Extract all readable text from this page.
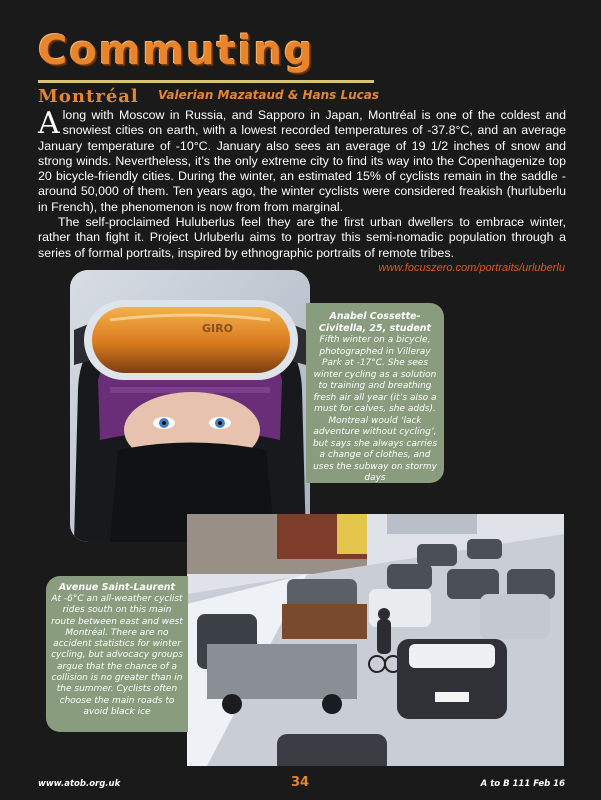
Commuting
Montréal Valerian Mazataud & Hans Lucas

Along with Moscow in Russia, and Sapporo in Japan, Montréal is one of the coldest and snowiest cities on earth, with a lowest recorded temperatures of -37.8°C, and an average January temperature of -10°C. January also sees an average of 19 1/2 inches of snow and strong winds. Nevertheless, it’s the only extreme city to find its way into the Copenhagenize top 20 bicycle-friendly cities. During the winter, an estimated 15% of cyclists remain in the saddle - around 50,000 of them. Ten years ago, the winter cyclists were considered freakish (hurluberlu in French), the phenomenon is now from from marginal.

The self-proclaimed Huluberlus feel they are the first urban dwellers to embrace winter, rather than fight it. Project Urluberlu aims to portray this semi-nomadic population through a series of formal portraits, inspired by ethnographic portraits of remote tribes.

www.focuszero.com/portraits/urluberlu
GIRO
Anabel Cossette-Civitella, 25, student
Fifth winter on a bicycle, photographed in Villeray Park at -17°C. She sees winter cycling as a solution to training and breathing fresh air all year (it’s also a must for calves, she adds). Montreal would ‘lack adventure without cycling’, but says she always carries a change of clothes, and uses the subway on stormy days
Avenue Saint-Laurent
At -6°C an all-weather cyclist rides south on this main route between east and west Montréal. There are no accident statistics for winter cycling, but advocacy groups argue that the chance of a collision is no greater than in the summer. Cyclists often choose the main roads to avoid black ice
www.atob.org.uk	34	A to B 111 Feb 16
